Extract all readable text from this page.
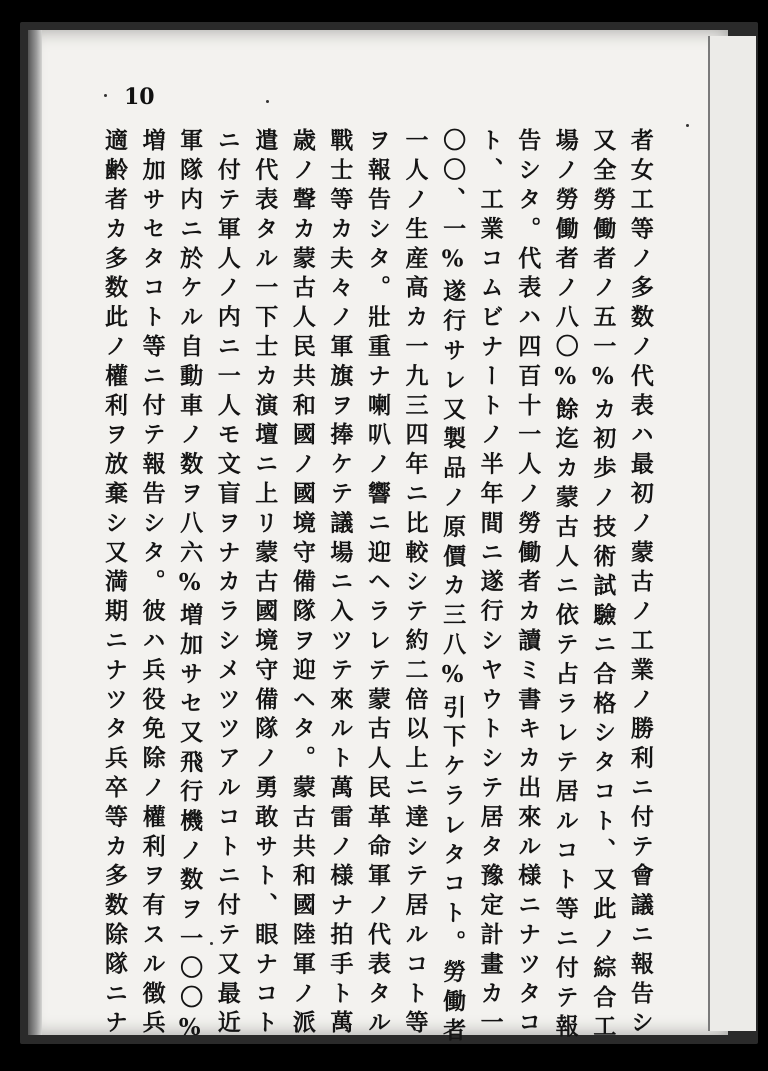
10
者女工等ノ多数ノ代表ハ最初ノ蒙古ノ工業ノ勝利ニ付テ會議ニ報告シ
又全勞働者ノ五一%カ初歩ノ技術試驗ニ合格シタコト、又此ノ綜合工
場ノ勞働者ノ八〇%餘迄カ蒙古人ニ依テ占ラレテ居ルコト等ニ付テ報
告シタ。代表ハ四百十一人ノ勞働者カ讀ミ書キカ出來ル様ニナツタコ
ト、工業コムビナートノ半年間ニ遂行シヤウトシテ居タ豫定計畫カ一
〇〇、一%遂行サレ又製品ノ原價カ三八%引下ケラレタコト。勞働者
一人ノ生産高カ一九三四年ニ比較シテ約二倍以上ニ達シテ居ルコト等
ヲ報告シタ。壯重ナ喇叭ノ響ニ迎ヘラレテ蒙古人民革命軍ノ代表タル
戰士等カ夫々ノ軍旗ヲ捧ケテ議場ニ入ツテ來ルト萬雷ノ様ナ拍手ト萬
歳ノ聲カ蒙古人民共和國ノ國境守備隊ヲ迎ヘタ。蒙古共和國陸軍ノ派
遣代表タル一下士カ演壇ニ上リ蒙古國境守備隊ノ勇敢サト、眼ナコト
ニ付テ軍人ノ内ニ一人モ文盲ヲナカラシメツツアルコトニ付テ又最近
軍隊内ニ於ケル自動車ノ数ヲ八六%増加サセ又飛行機ノ数ヲ一〇〇%
増加サセタコト等ニ付テ報告シタ。彼ハ兵役免除ノ權利ヲ有スル徴兵
適齢者カ多数此ノ權利ヲ放棄シ又満期ニナツタ兵卒等カ多数除隊ニナ
